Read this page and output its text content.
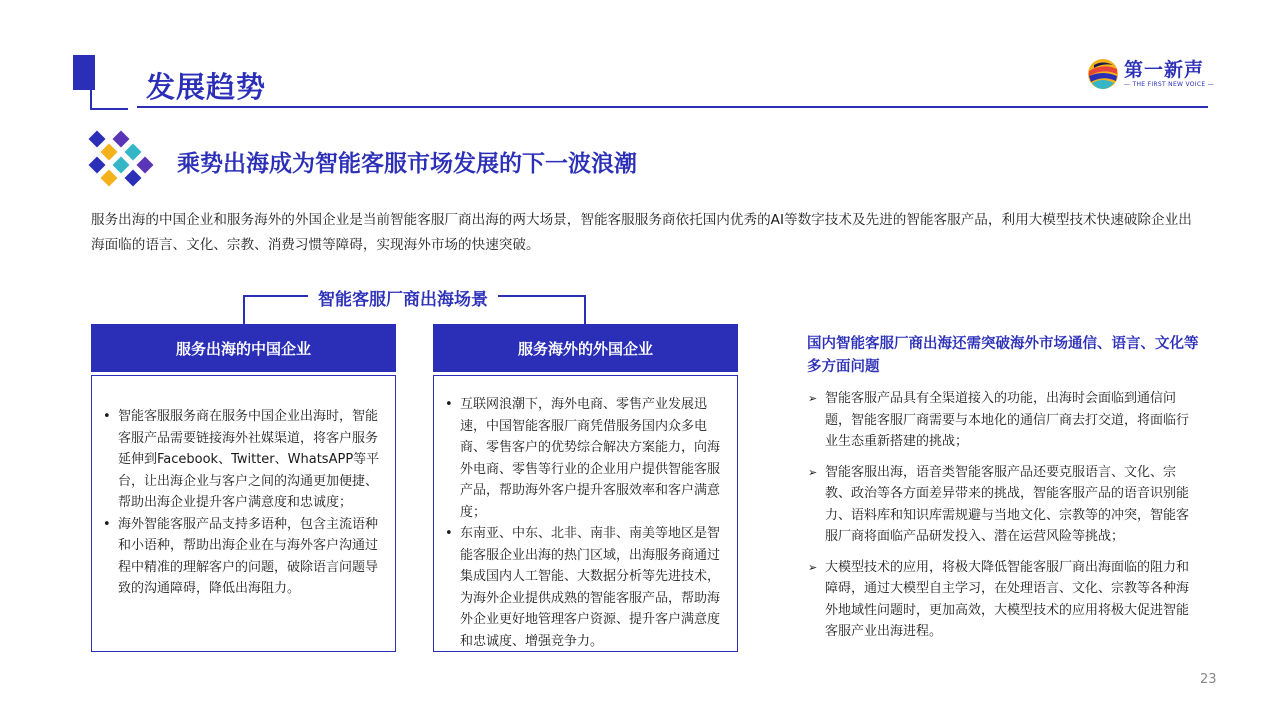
发展趋势	第一新声
— THE FIRST NEW VOICE —
乘势出海成为智能客服市场发展的下一波浪潮
服务出海的中国企业和服务海外的外国企业是当前智能客服厂商出海的两大场景，智能客服服务商依托国内优秀的AI等数字技术及先进的智能客服产品，利用大模型技术快速破除企业出海面临的语言、文化、宗教、消费习惯等障碍，实现海外市场的快速突破。
智能客服厂商出海场景
服务出海的中国企业
• 智能客服服务商在服务中国企业出海时，智能客服产品需要链接海外社媒渠道，将客户服务延伸到Facebook、Twitter、WhatsAPP等平台，让出海企业与客户之间的沟通更加便捷、帮助出海企业提升客户满意度和忠诚度；
• 海外智能客服产品支持多语种，包含主流语种和小语种，帮助出海企业在与海外客户沟通过程中精准的理解客户的问题，破除语言问题导致的沟通障碍，降低出海阻力。
服务海外的外国企业
• 互联网浪潮下，海外电商、零售产业发展迅速，中国智能客服厂商凭借服务国内众多电商、零售客户的优势综合解决方案能力，向海外电商、零售等行业的企业用户提供智能客服产品，帮助海外客户提升客服效率和客户满意度；
• 东南亚、中东、北非、南非、南美等地区是智能客服企业出海的热门区域，出海服务商通过集成国内人工智能、大数据分析等先进技术，为海外企业提供成熟的智能客服产品，帮助海外企业更好地管理客户资源、提升客户满意度和忠诚度、增强竞争力。
国内智能客服厂商出海还需突破海外市场通信、语言、文化等多方面问题
➢ 智能客服产品具有全渠道接入的功能，出海时会面临到通信问题，智能客服厂商需要与本地化的通信厂商去打交道，将面临行业生态重新搭建的挑战；
➢ 智能客服出海，语音类智能客服产品还要克服语言、文化、宗教、政治等各方面差异带来的挑战，智能客服产品的语音识别能力、语料库和知识库需规避与当地文化、宗教等的冲突，智能客服厂商将面临产品研发投入、潜在运营风险等挑战；
➢ 大模型技术的应用，将极大降低智能客服厂商出海面临的阻力和障碍，通过大模型自主学习，在处理语言、文化、宗教等各种海外地域性问题时，更加高效，大模型技术的应用将极大促进智能客服产业出海进程。
23
